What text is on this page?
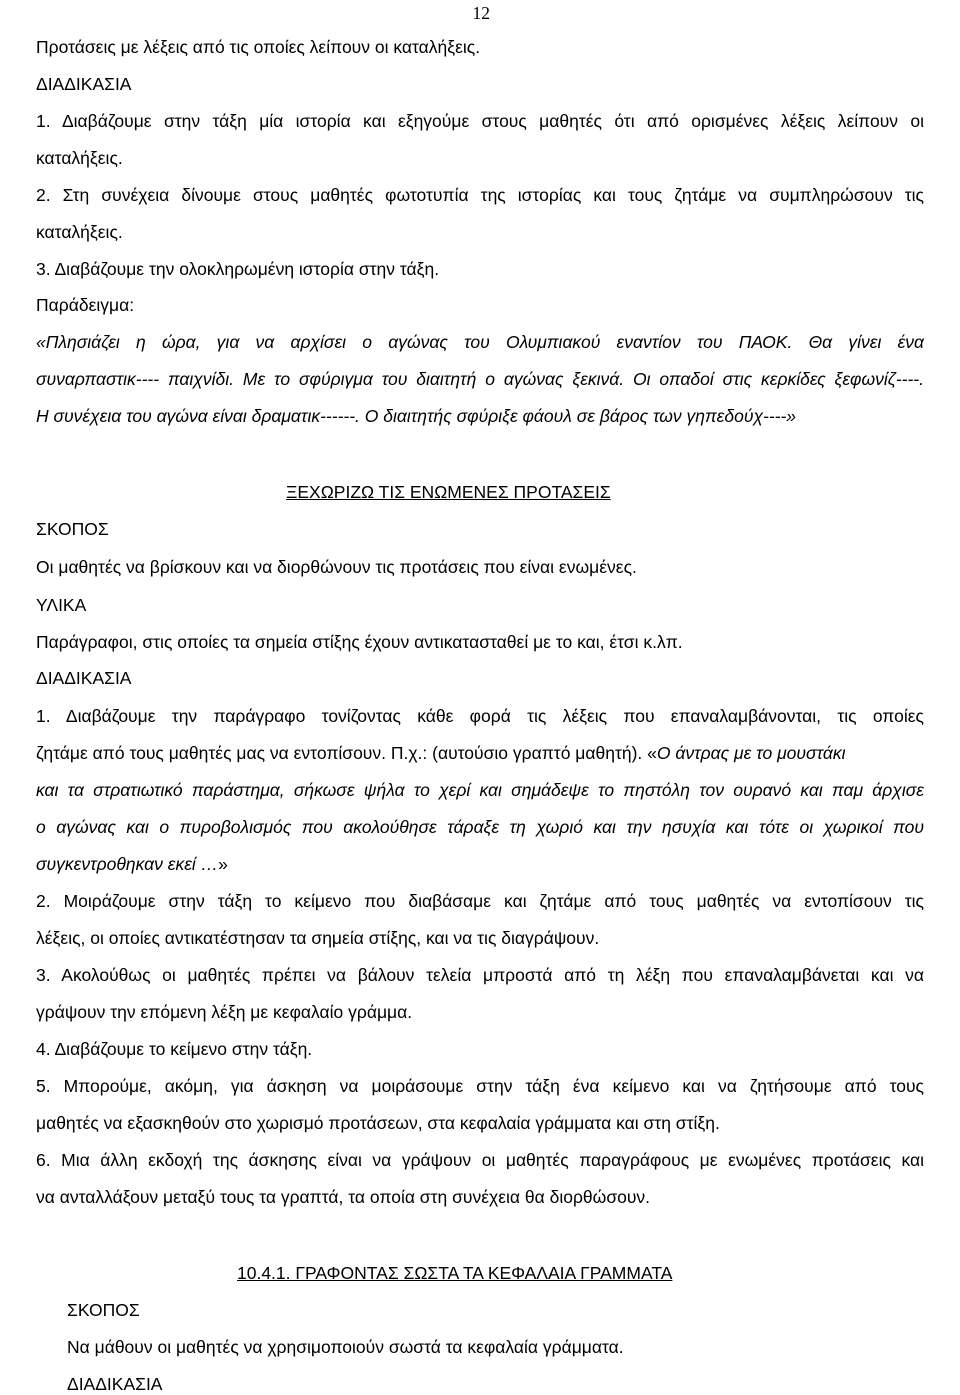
12
Προτάσεις με λέξεις από τις οποίες λείπουν οι καταλήξεις.
ΔΙΑΔΙΚΑΣΙΑ
1. Διαβάζουμε στην τάξη μία ιστορία και εξηγούμε στους μαθητές ότι από ορισμένες λέξεις λείπουν οι
καταλήξεις.
2. Στη συνέχεια δίνουμε στους μαθητές φωτοτυπία της ιστορίας και τους ζητάμε να συμπληρώσουν τις
καταλήξεις.
3. Διαβάζουμε την ολοκληρωμένη ιστορία στην τάξη.
Παράδειγμα:
«Πλησιάζει η ώρα, για να αρχίσει ο αγώνας του Ολυμπιακού εναντίον του ΠΑΟΚ. Θα γίνει ένα
συναρπαστικ---- παιχνίδι. Με το σφύριγμα του διαιτητή ο αγώνας ξεκινά. Οι οπαδοί στις κερκίδες ξεφωνίζ----.
Η συνέχεια του αγώνα είναι δραματικ------. Ο διαιτητής σφύριξε φάουλ σε βάρος των γηπεδούχ----»
ΞΕΧΩΡΙΖΩ ΤΙΣ ΕΝΩΜΕΝΕΣ ΠΡΟΤΑΣΕΙΣ
ΣΚΟΠΟΣ
Οι μαθητές να βρίσκουν και να διορθώνουν τις προτάσεις που είναι ενωμένες.
ΥΛΙΚΑ
Παράγραφοι, στις οποίες τα σημεία στίξης έχουν αντικατασταθεί με το και, έτσι κ.λπ.
ΔΙΑΔΙΚΑΣΙΑ
1. Διαβάζουμε την παράγραφο τονίζοντας κάθε φορά τις λέξεις που επαναλαμβάνονται, τις οποίες
ζητάμε από τους μαθητές μας να εντοπίσουν. Π.χ.: (αυτούσιο γραπτό μαθητή). «Ο άντρας με το μουστάκι
και τα στρατιωτικό παράστημα, σήκωσε ψήλα το χερί και σημάδεψε το πηστόλη τον ουρανό και παμ άρχισε
ο αγώνας και ο πυροβολισμός που ακολούθησε τάραξε τη χωριό και την ησυχία και τότε οι χωρικοί που
συγκεντροθηκαν εκεί …»
2. Μοιράζουμε στην τάξη το κείμενο που διαβάσαμε και ζητάμε από τους μαθητές να εντοπίσουν τις
λέξεις, οι οποίες αντικατέστησαν τα σημεία στίξης, και να τις διαγράψουν.
3. Ακολούθως οι μαθητές πρέπει να βάλουν τελεία μπροστά από τη λέξη που επαναλαμβάνεται και να
γράψουν την επόμενη λέξη με κεφαλαίο γράμμα.
4. Διαβάζουμε το κείμενο στην τάξη.
5. Μπορούμε, ακόμη, για άσκηση να μοιράσουμε στην τάξη ένα κείμενο και να ζητήσουμε από τους
μαθητές να εξασκηθούν στο χωρισμό προτάσεων, στα κεφαλαία γράμματα και στη στίξη.
6. Μια άλλη εκδοχή της άσκησης είναι να γράψουν οι μαθητές παραγράφους με ενωμένες προτάσεις και
να ανταλλάξουν μεταξύ τους τα γραπτά, τα οποία στη συνέχεια θα διορθώσουν.
10.4.1. ΓΡΑΦΟΝΤΑΣ ΣΩΣΤΑ ΤΑ ΚΕΦΑΛΑΙΑ ΓΡΑΜΜΑΤΑ
ΣΚΟΠΟΣ
Να μάθουν οι μαθητές να χρησιμοποιούν σωστά τα κεφαλαία γράμματα.
ΔΙΑΔΙΚΑΣΙΑ
